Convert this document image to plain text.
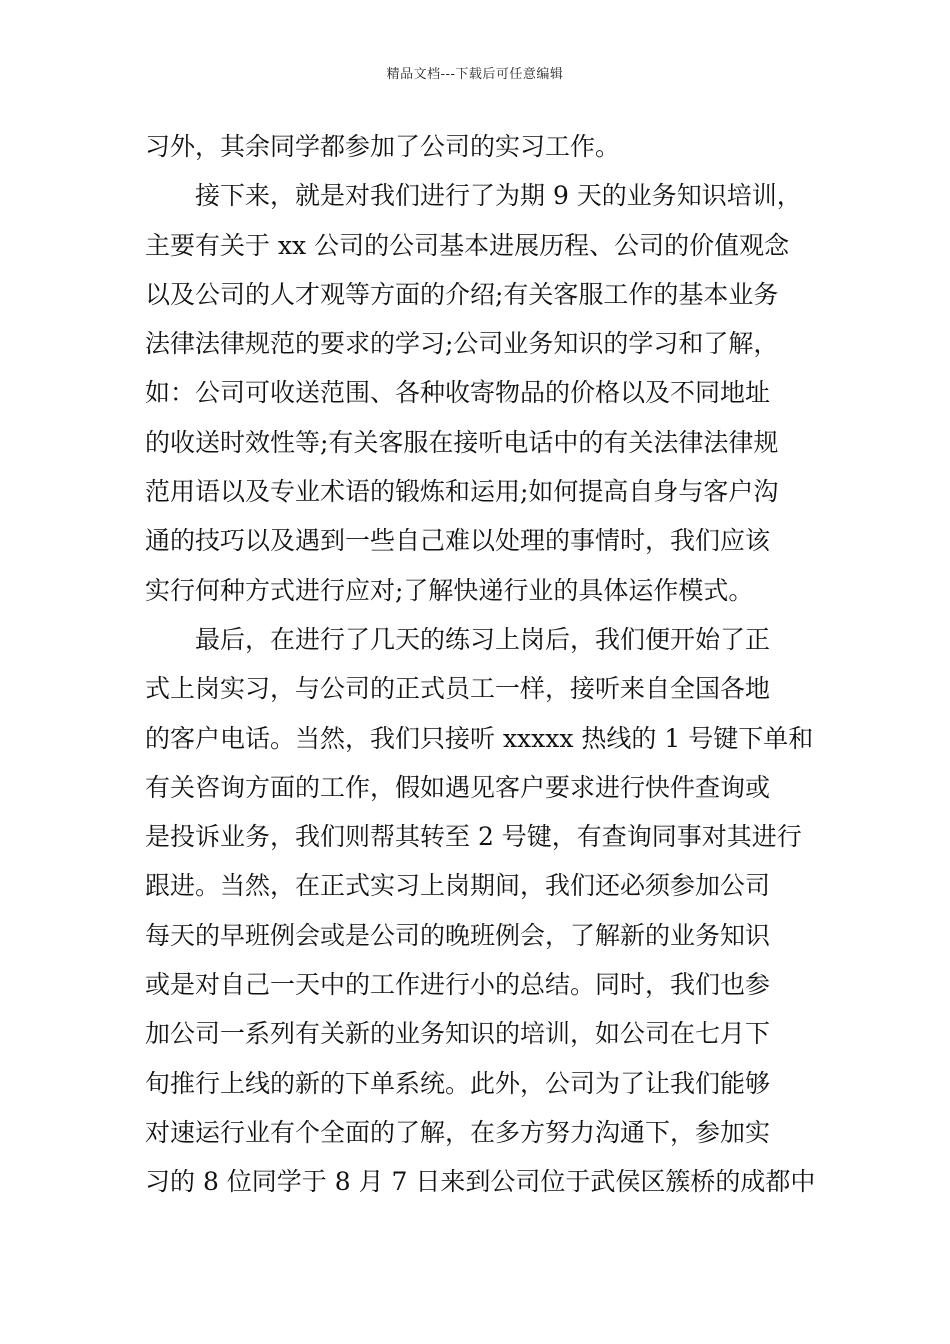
精品文档---下载后可任意编辑
习外，其余同学都参加了公司的实习工作。
接下来，就是对我们进行了为期 9 天的业务知识培训，
主要有关于 xx 公司的公司基本进展历程、公司的价值观念
以及公司的人才观等方面的介绍;有关客服工作的基本业务
法律法律规范的要求的学习;公司业务知识的学习和了解，
如：公司可收送范围、各种收寄物品的价格以及不同地址
的收送时效性等;有关客服在接听电话中的有关法律法律规
范用语以及专业术语的锻炼和运用;如何提高自身与客户沟
通的技巧以及遇到一些自己难以处理的事情时，我们应该
实行何种方式进行应对;了解快递行业的具体运作模式。
最后，在进行了几天的练习上岗后，我们便开始了正
式上岗实习，与公司的正式员工一样，接听来自全国各地
的客户电话。当然，我们只接听 xxxxx 热线的 1 号键下单和
有关咨询方面的工作，假如遇见客户要求进行快件查询或
是投诉业务，我们则帮其转至 2 号键，有查询同事对其进行
跟进。当然，在正式实习上岗期间，我们还必须参加公司
每天的早班例会或是公司的晚班例会，了解新的业务知识
或是对自己一天中的工作进行小的总结。同时，我们也参
加公司一系列有关新的业务知识的培训，如公司在七月下
旬推行上线的新的下单系统。此外，公司为了让我们能够
对速运行业有个全面的了解，在多方努力沟通下，参加实
习的 8 位同学于 8 月 7 日来到公司位于武侯区簇桥的成都中
